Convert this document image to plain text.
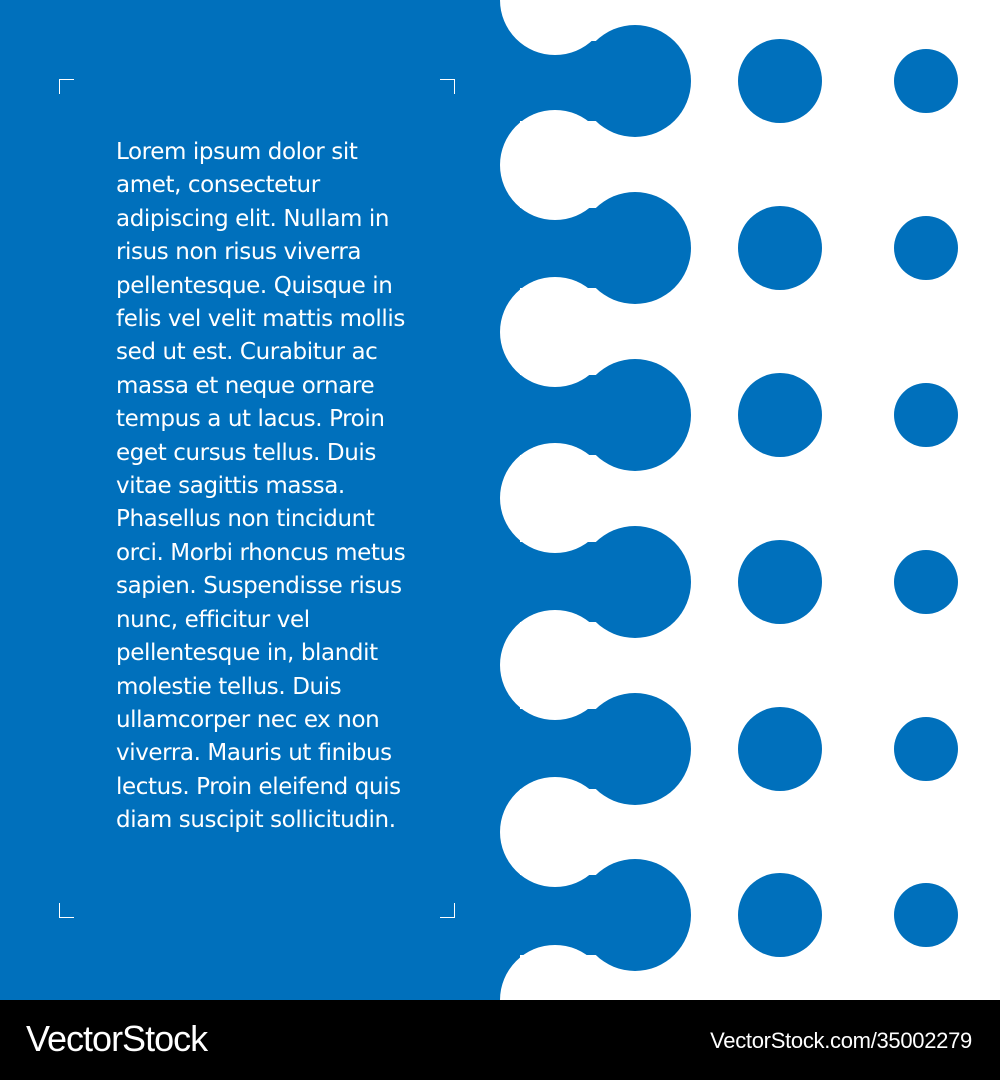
Lorem ipsum dolor sit amet, consectetur adipiscing elit. Nullam in risus non risus viverra pellentesque. Quisque in felis vel velit mattis mollis sed ut est. Curabitur ac massa et neque ornare tempus a ut lacus. Proin eget cursus tellus. Duis vitae sagittis massa. Phasellus non tincidunt orci. Morbi rhoncus metus sapien. Suspendisse risus nunc, efficitur vel pellentesque in, blandit molestie tellus. Duis ullamcorper nec ex non viverra. Mauris ut finibus lectus. Proin eleifend quis diam suscipit sollicitudin.

VectorStock	VectorStock.com/35002279
